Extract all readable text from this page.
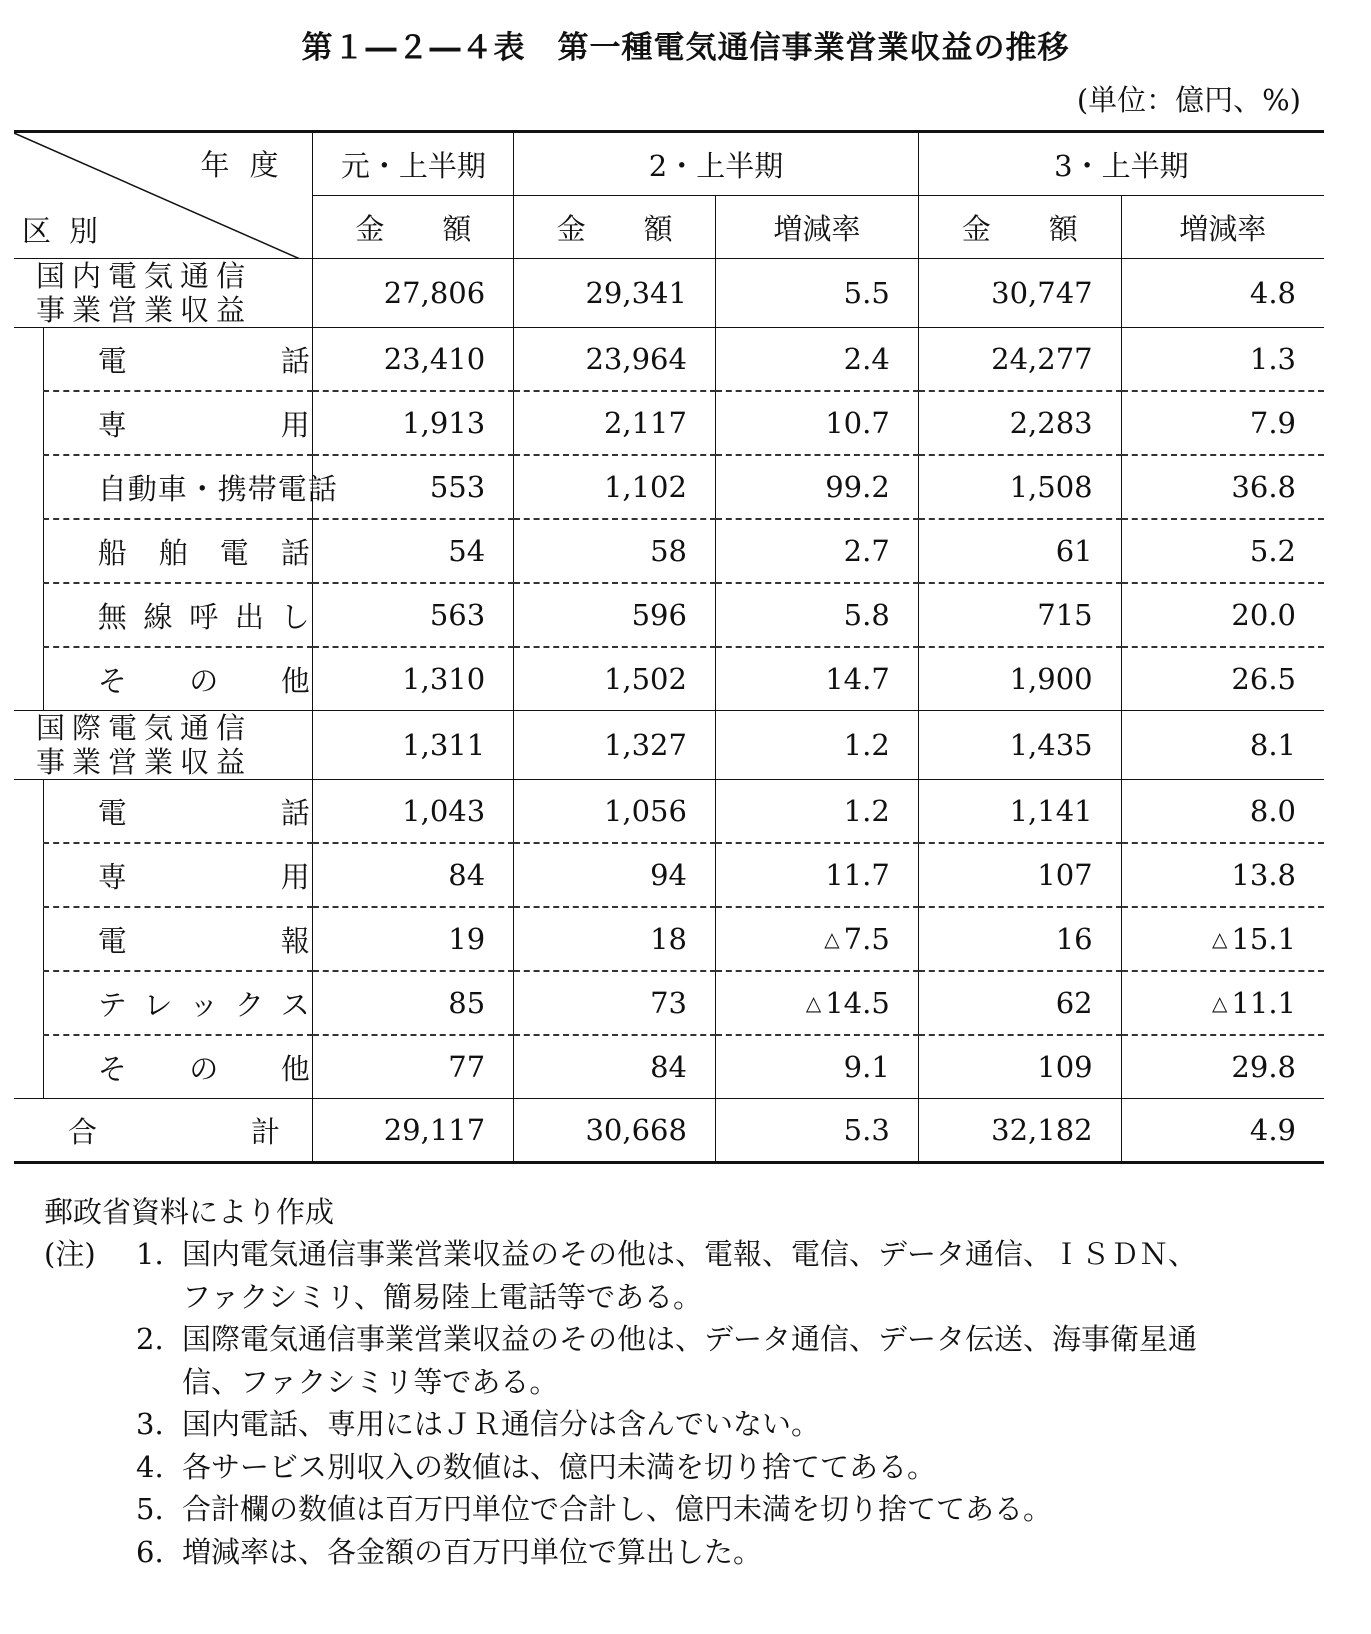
第１―２―４表　第一種電気通信事業営業収益の推移
(単位：億円、%)
年度
区別		元・上半期	2・上半期		3・上半期	
		金　　額	金　　額	増減率	金　　額	増減率

国内電気通信
事業営業収益		27,806	29,341	5.5	30,747	4.8

	電 話	23,410	23,964	2.4	24,277	1.3

	専 用	1,913	2,117	10.7	2,283	7.9
	自動車・携帯電話	553	1,102	99.2	1,508	36.8

	船 舶 電 話	54	58	2.7	61	5.2

	無 線 呼 出 し	563	596	5.8	715	20.0

	そ の 他	1,310	1,502	14.7	1,900	26.5

国際電気通信
事業営業収益		1,311	1,327	1.2	1,435	8.1

	電 話	1,043	1,056	1.2	1,141	8.0

	専 用	84	94	11.7	107	13.8

	電 報	19	18	△ 7.5	16	△ 15.1

	テ レ ッ ク ス	85	73	△ 14.5	62	△ 11.1

	そ の 他	77	84	9.1	109	29.8

合 計		29,117	30,668	5.3	32,182	4.9
郵政省資料により作成
(注)	1. 国内電気通信事業営業収益のその他は、電報、電信、データ通信、ＩＳＤＮ、
ファクシミリ、簡易陸上電話等である。
2. 国際電気通信事業営業収益のその他は、データ通信、データ伝送、海事衛星通
信、ファクシミリ等である。
3. 国内電話、専用にはＪＲ通信分は含んでいない。
4. 各サービス別収入の数値は、億円未満を切り捨ててある。
5. 合計欄の数値は百万円単位で合計し、億円未満を切り捨ててある。
6. 増減率は、各金額の百万円単位で算出した。
